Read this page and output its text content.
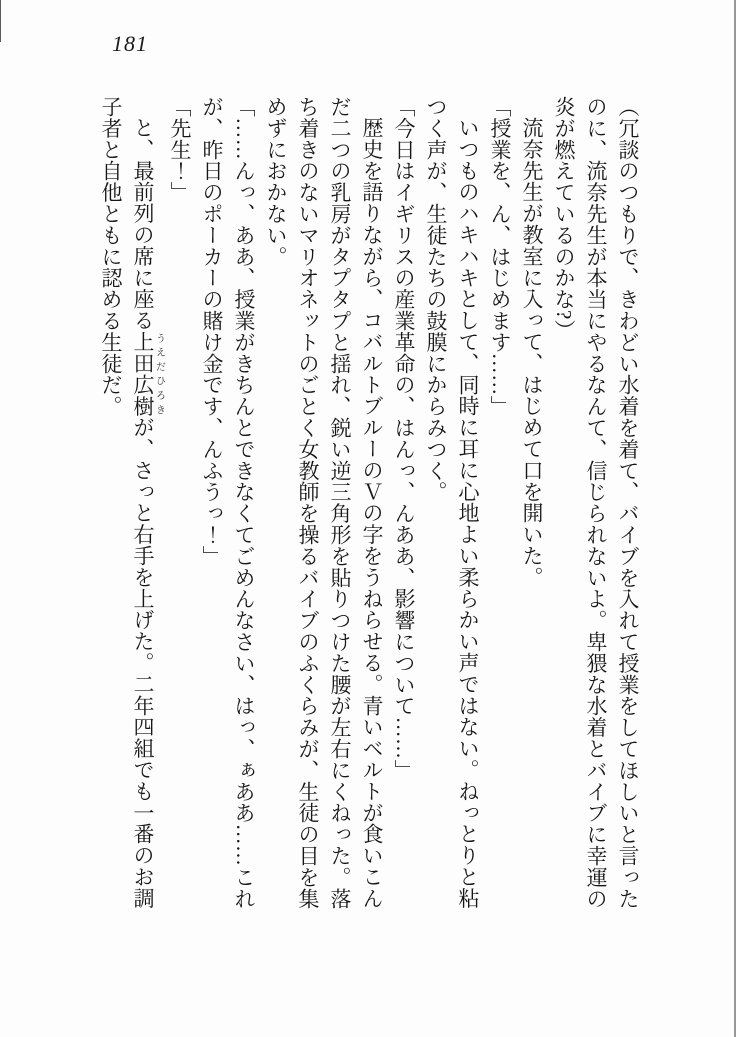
181

（冗談のつもりで、きわどい水着を着て、バイブを入れて授業をしてほしいと言ったのに、流奈先生が本当にやるなんて、信じられないよ。卑猥な水着とバイブに幸運の炎が燃えているのかな?）

流奈先生が教室に入って、はじめて口を開いた。

「授業を、ん、はじめます……」

いつものハキハキとして、同時に耳に心地よい柔らかい声ではない。ねっとりと粘つく声が、生徒たちの鼓膜にからみつく。

「今日はイギリスの産業革命の、はんっ、んああ、影響について……」

歴史を語りながら、コバルトブルーのＶの字をうねらせる。青いベルトが食いこんだ二つの乳房がタプタプと揺れ、鋭い逆三角形を貼りつけた腰が左右にくねった。落ち着きのないマリオネットのごとく女教師を操るバイブのふくらみが、生徒の目を集めずにおかない。

「……んっ、ああ、授業がきちんとできなくてごめんなさい、はっ、ぁああ……これが、昨日のポーカーの賭け金です、んふうっ！」

「先生！」

と、最前列の席に座る上田うえだ広樹ひろきが、さっと右手を上げた。二年四組でも一番のお調子者と自他ともに認める生徒だ。
